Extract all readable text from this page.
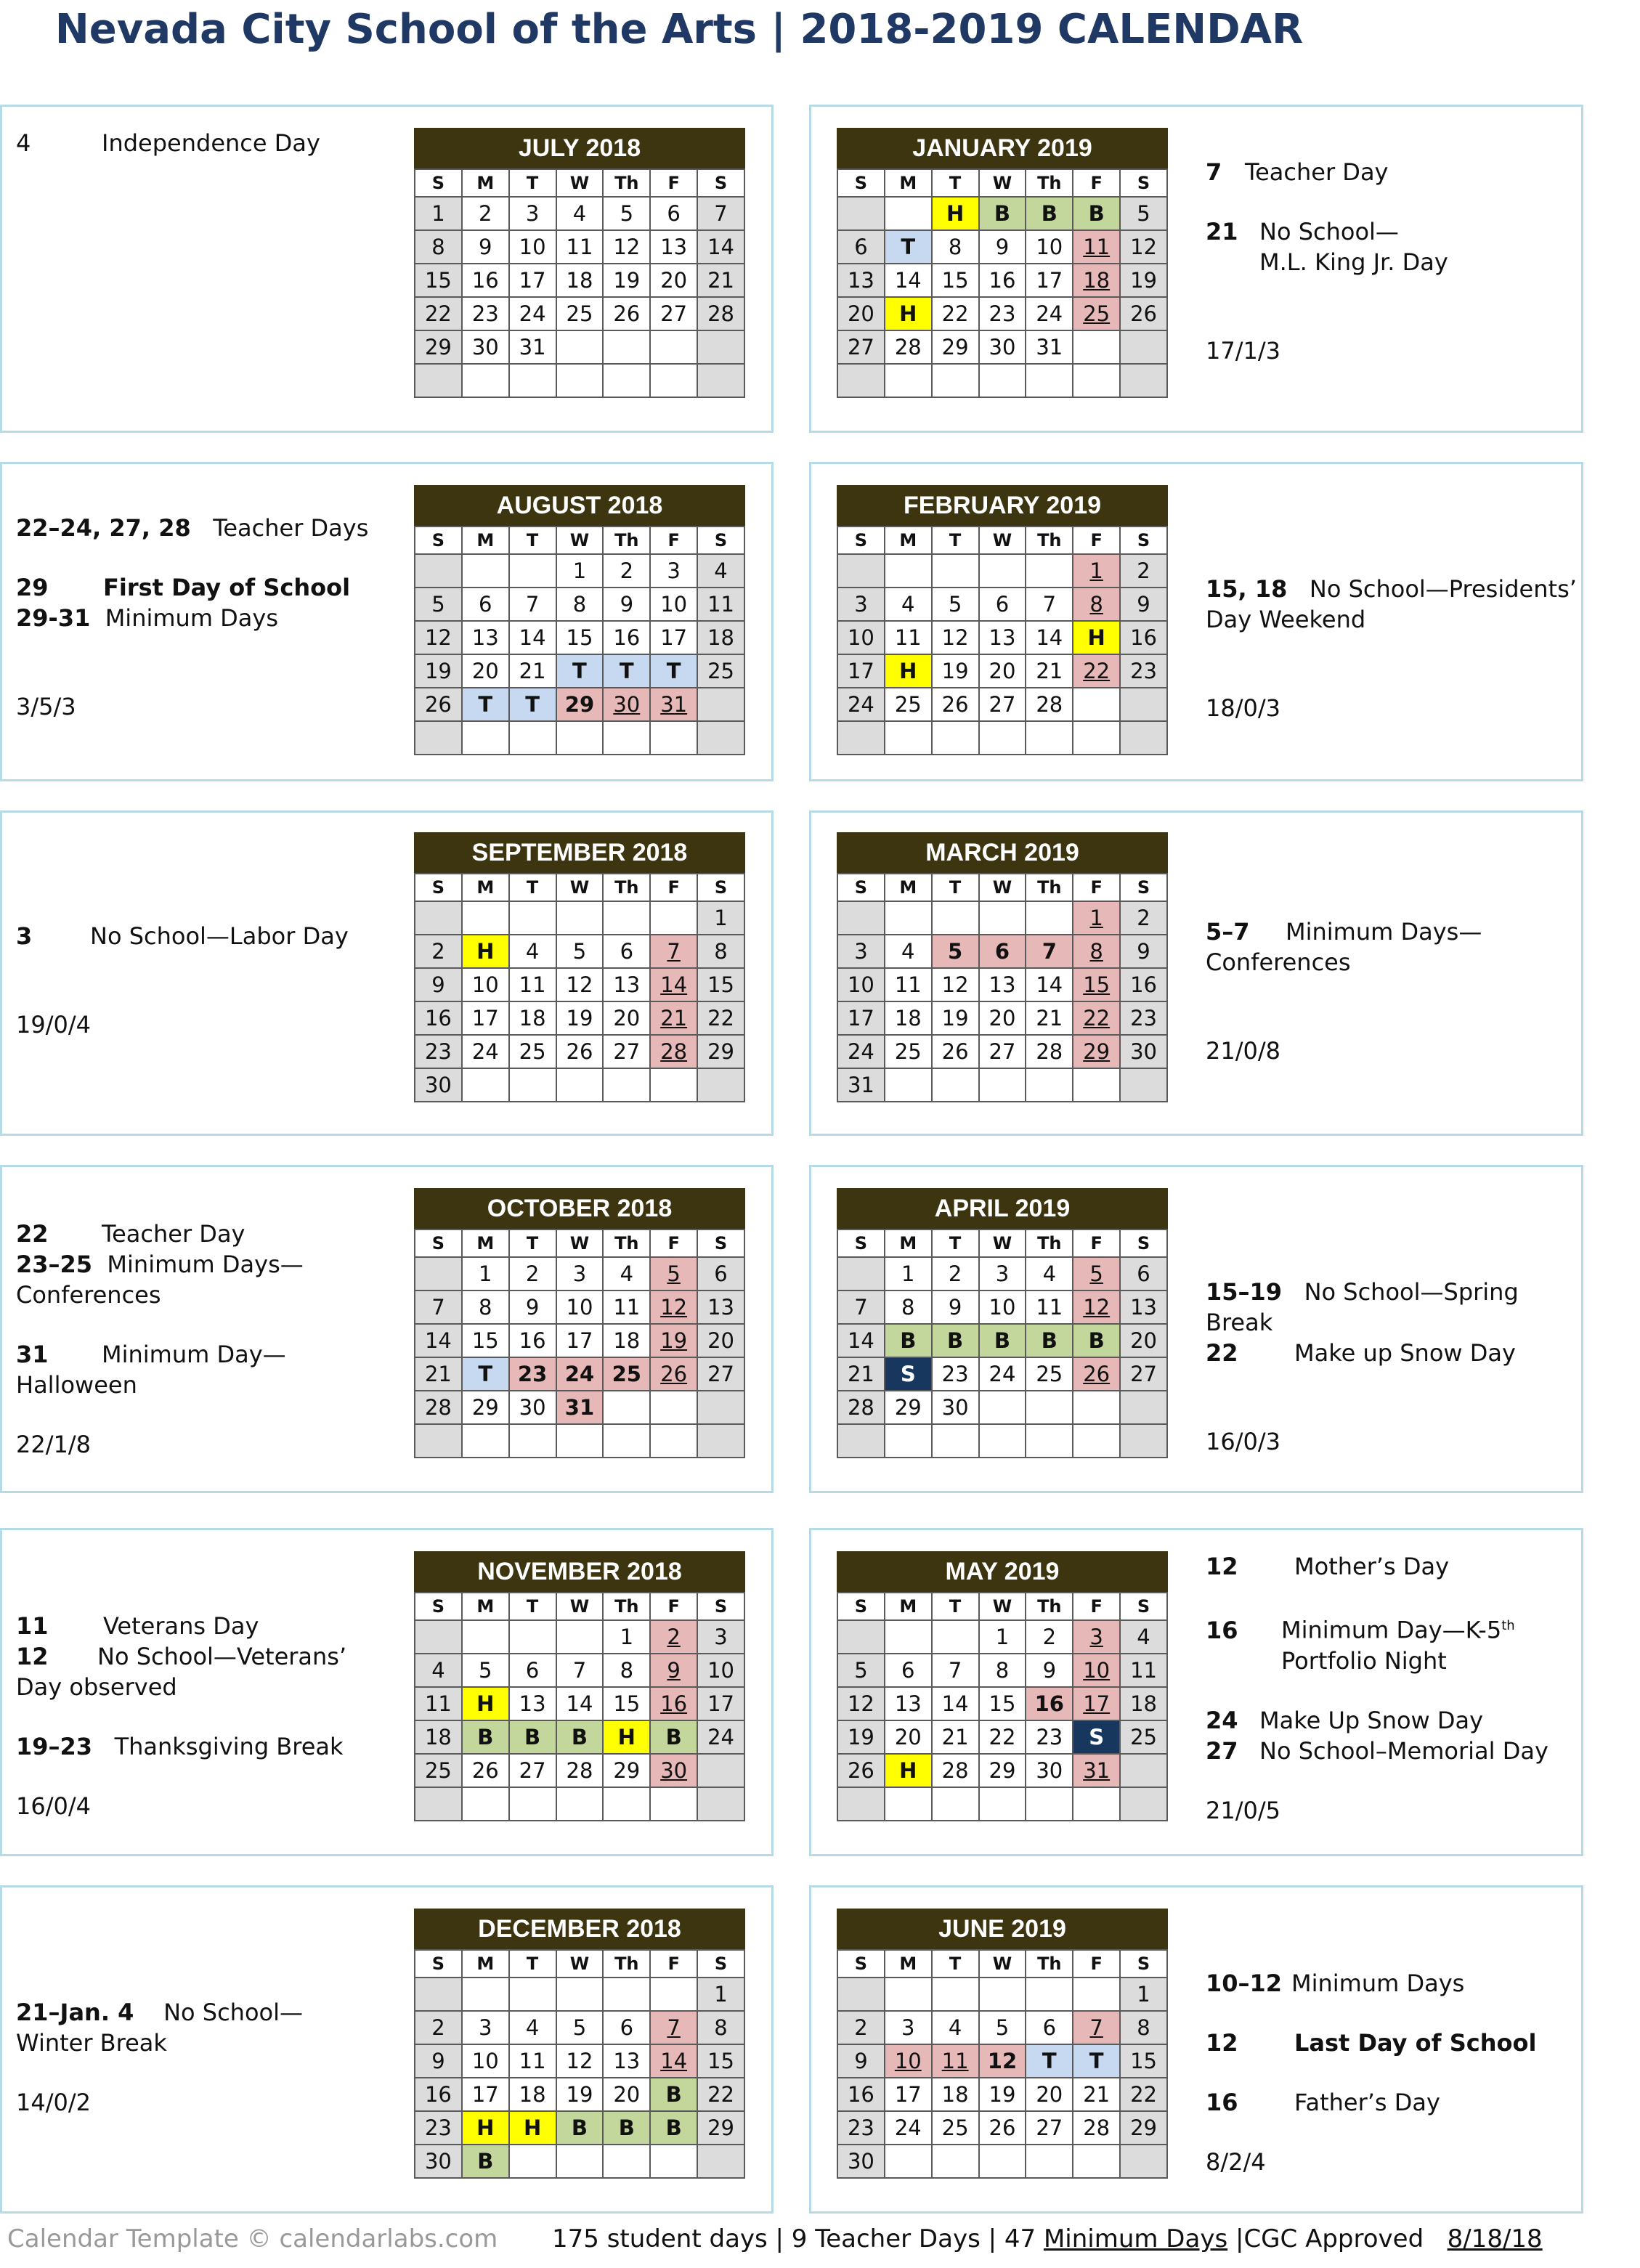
Nevada City School of the Arts | 2018-2019 CALENDAR
JULY 2018
S	M	T	W	Th	F	S
1	2	3	4	5	6	7
8	9	10	11	12	13	14
15	16	17	18	19	20	21
22	23	24	25	26	27	28
29	30	31				

AUGUST 2018
S	M	T	W	Th	F	S
			1	2	3	4
5	6	7	8	9	10	11
12	13	14	15	16	17	18
19	20	21	T	T	T	25
26	T	T	29	30	31	

SEPTEMBER 2018
S	M	T	W	Th	F	S
						1
2	H	4	5	6	7	8
9	10	11	12	13	14	15
16	17	18	19	20	21	22
23	24	25	26	27	28	29
30						
OCTOBER 2018
S	M	T	W	Th	F	S
	1	2	3	4	5	6
7	8	9	10	11	12	13
14	15	16	17	18	19	20
21	T	23	24	25	26	27
28	29	30	31			

NOVEMBER 2018
S	M	T	W	Th	F	S
				1	2	3
4	5	6	7	8	9	10
11	H	13	14	15	16	17
18	B	B	B	H	B	24
25	26	27	28	29	30	

DECEMBER 2018
S	M	T	W	Th	F	S
						1
2	3	4	5	6	7	8
9	10	11	12	13	14	15
16	17	18	19	20	B	22
23	H	H	B	B	B	29
30	B					
JANUARY 2019
S	M	T	W	Th	F	S
		H	B	B	B	5
6	T	8	9	10	11	12
13	14	15	16	17	18	19
20	H	22	23	24	25	26
27	28	29	30	31		

FEBRUARY 2019
S	M	T	W	Th	F	S
					1	2
3	4	5	6	7	8	9
10	11	12	13	14	H	16
17	H	19	20	21	22	23
24	25	26	27	28		

MARCH 2019
S	M	T	W	Th	F	S
					1	2
3	4	5	6	7	8	9
10	11	12	13	14	15	16
17	18	19	20	21	22	23
24	25	26	27	28	29	30
31						
APRIL 2019
S	M	T	W	Th	F	S
	1	2	3	4	5	6
7	8	9	10	11	12	13
14	B	B	B	B	B	20
21	S	23	24	25	26	27
28	29	30				

MAY 2019
S	M	T	W	Th	F	S
			1	2	3	4
5	6	7	8	9	10	11
12	13	14	15	16	17	18
19	20	21	22	23	S	25
26	H	28	29	30	31	

JUNE 2019
S	M	T	W	Th	F	S
						1
2	3	4	5	6	7	8
9	10	11	12	T	T	15
16	17	18	19	20	21	22
23	24	25	26	27	28	29
30						
4	Independence Day
22–24, 27, 28 Teacher Days
29 First Day of School
29-31 Minimum Days
3/5/3
3 No School—Labor Day
19/0/4
22 Teacher Day
23–25 Minimum Days—
Conferences
31 Minimum Day—
Halloween
22/1/8
11 Veterans Day
12 No School—Veterans’
Day observed
19–23 Thanksgiving Break
16/0/4
21–Jan. 4 No School—
Winter Break
14/0/2
7 Teacher Day
21 No School—
M.L. King Jr. Day
17/1/3
15, 18 No School—Presidents’
Day Weekend
18/0/3
5–7 Minimum Days—
Conferences
21/0/8
15–19 No School—Spring
Break
22 Make up Snow Day
16/0/3
12 Mother’s Day
16 Minimum Day—K-5th
Portfolio Night
24 Make Up Snow Day
27 No School–Memorial Day
21/0/5
10–12 Minimum Days
12 Last Day of School
16 Father’s Day
8/2/4
Calendar Template © calendarlabs.com 175 student days | 9 Teacher Days | 47 Minimum Days |CGC Approved 8/18/18
